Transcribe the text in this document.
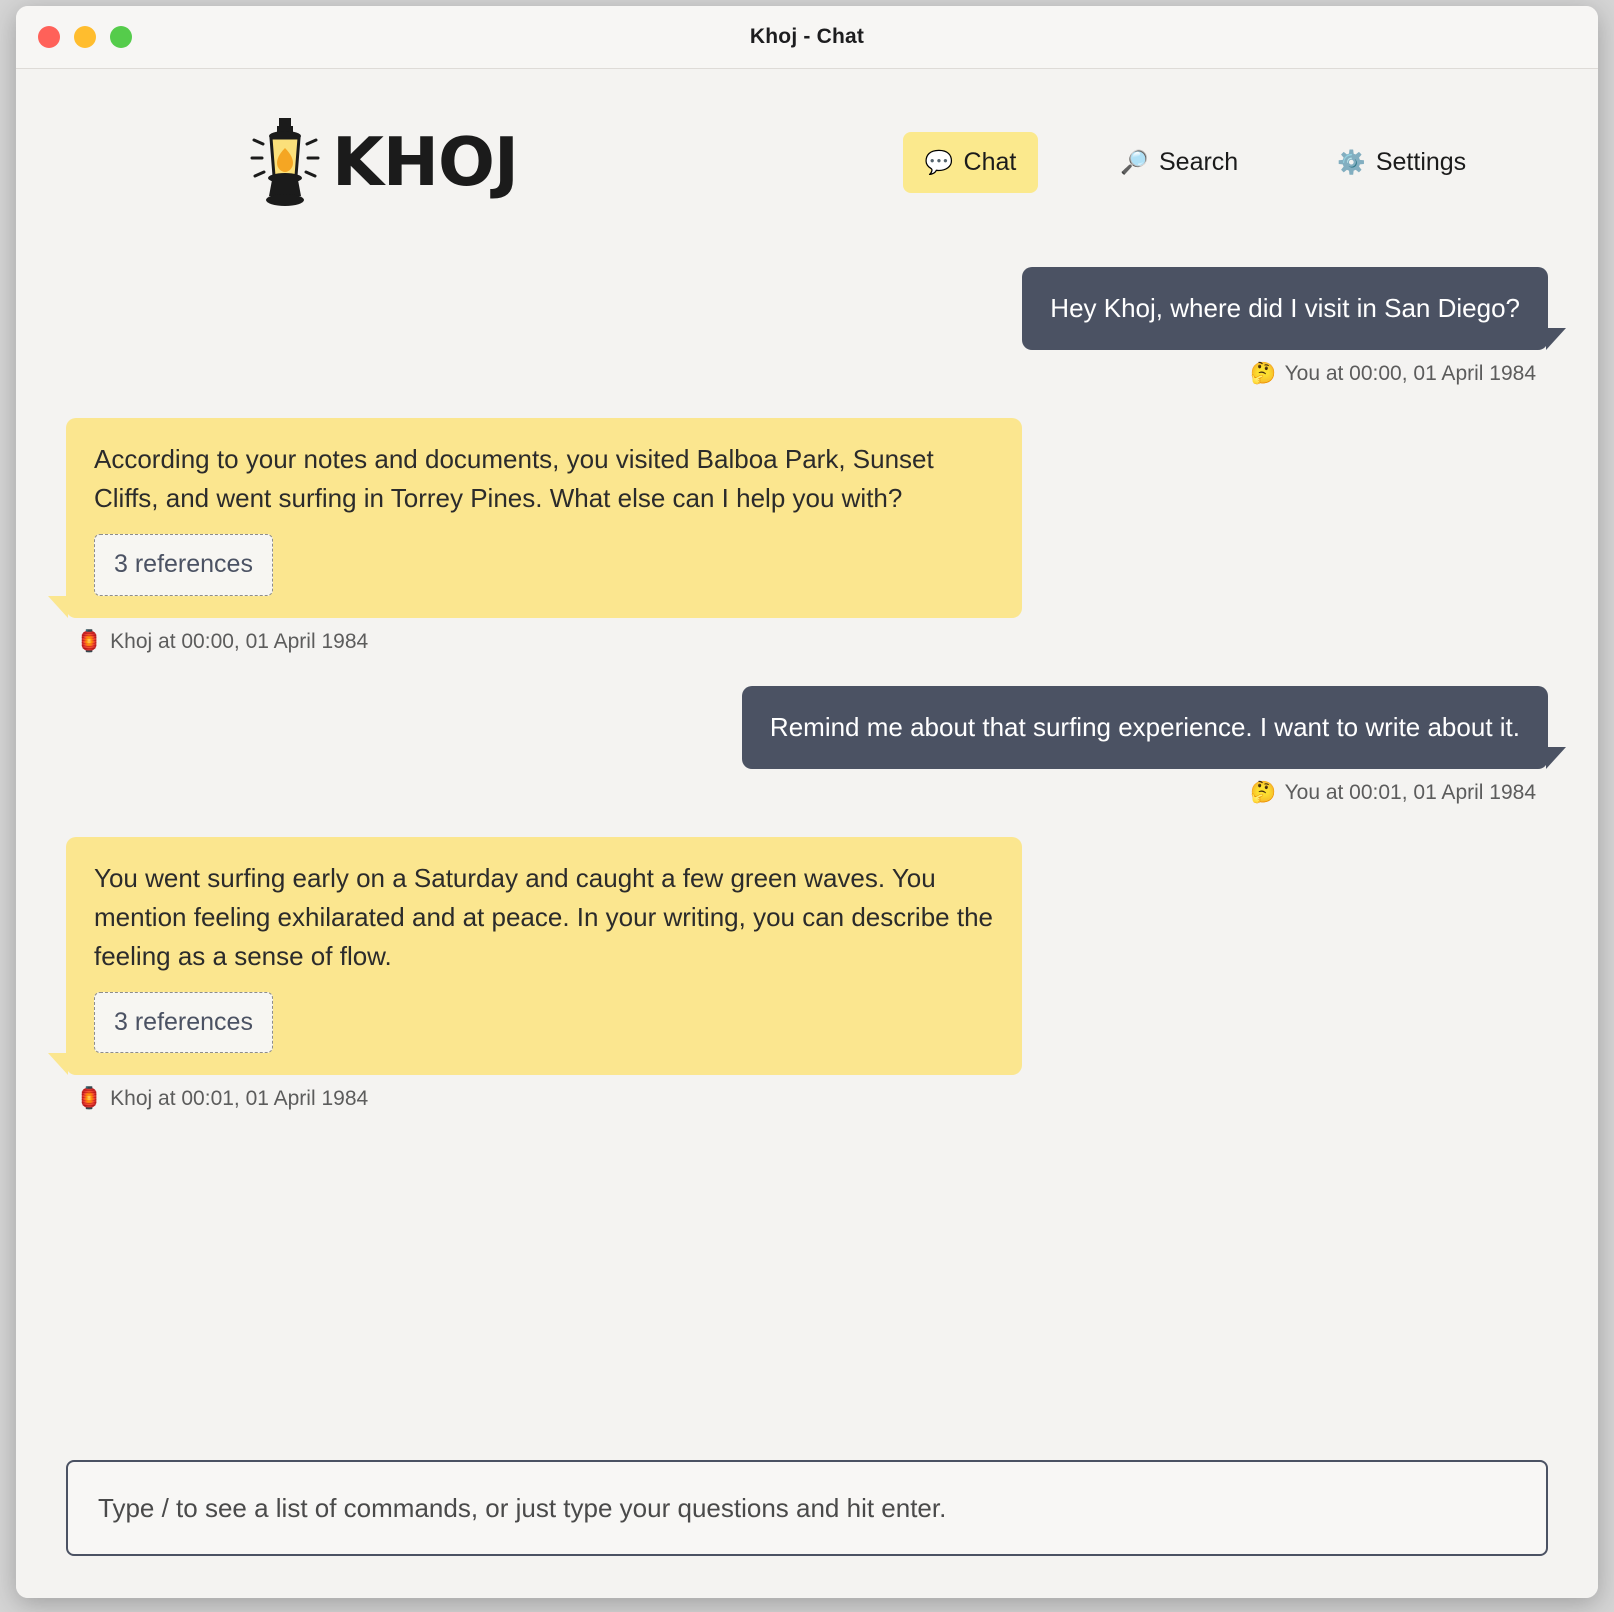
Khoj - Chat
KHOJ	💬 Chat	🔎 Search	⚙️ Settings
Hey Khoj, where did I visit in San Diego?
🤔 You at 00:00, 01 April 1984
According to your notes and documents, you visited Balboa Park, Sunset Cliffs, and went surfing in Torrey Pines. What else can I help you with?
3 references
🏮 Khoj at 00:00, 01 April 1984
Remind me about that surfing experience. I want to write about it.
🤔 You at 00:01, 01 April 1984
You went surfing early on a Saturday and caught a few green waves. You mention feeling exhilarated and at peace. In your writing, you can describe the feeling as a sense of flow.
3 references
🏮 Khoj at 00:01, 01 April 1984
Type / to see a list of commands, or just type your questions and hit enter.
